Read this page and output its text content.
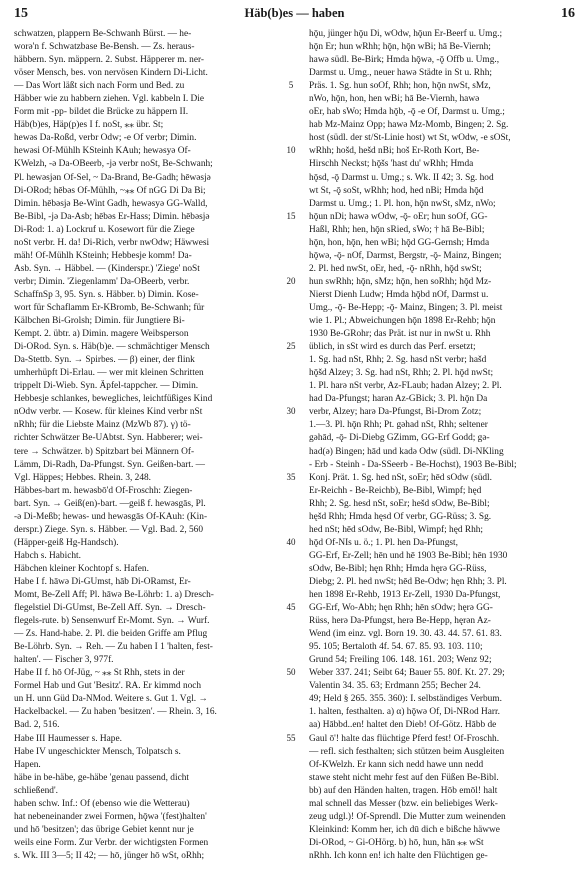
15	Häb(b)es — haben	16
schwatzen, plappern Be-Schwanh Bürst. — he-
worə'n f. Schwatzbase Be-Bensh. — Zs. heraus-
häbbern. Syn. mäppern. 2. Subst. Häpperer m. ner-
vöser Mensch, bes. von nervösen Kindern Di-Licht.
— Das Wort läßt sich nach Form und Bed. zu
Häbber wie zu habbern ziehen. Vgl. kabbeln I. Die
Form mit -pp- bildet die Brücke zu häppern II.
Häb(b)es, Häp(p)es I f. noSt, ⁎⁎ übr. St;
hewəs Da-Roßd, verbr Odw; -e Of verbr; Dimin.
hewəsi Of-Mühlh KSteinh KAuh; hewəsyə Of-
KWelzh, -ə Da-OBeerb, -jə verbr noSt, Be-Schwanh;
Pl. hewəsjən Of-Sel, ~ Da-Brand, Be-Gadh; hēwəsjə
Di-ORod; hēbəs Of-Mühlh, ~⁎⁎ Of nGG Di Da Bi;
Dimin. hēbəsjə Be-Wint Gadh, hewəsyə GG-Walld,
Be-Bibl, -jə Da-Asb; hēbəs Er-Hass; Dimin. hēbəsjə
Di-Rod: 1. a) Lockruf u. Kosewort für die Ziege
noSt verbr. H. da! Di-Rich, verbr nwOdw; Häwwesi
mäh! Of-Mühlh KSteinh; Hebbesje komm! Da-
Asb. Syn. → Häbbel. — (Kinderspr.) 'Ziege' noSt
verbr; Dimin. 'Ziegenlamm' Da-OBeerb, verbr.
SchaffnSp 3, 95. Syn. s. Häbber. b) Dimin. Kose-
wort für Schaflamm Er-KBromb, Be-Schwanh; für
Kälbchen Bi-Grolsh; Dimin. für Jungtiere Bi-
Kempt. 2. übtr. a) Dimin. magere Weibsperson
Di-ORod. Syn. s. Häb(b)e. — schmächtiger Mensch
Da-Stettb. Syn. → Spirbes. — β) einer, der flink
umherhüpft Di-Erlau. — wer mit kleinen Schritten
trippelt Di-Wieb. Syn. Äpfel-tappcher. — Dimin.
Hebbesje schlankes, bewegliches, leichtfüßiges Kind
nOdw verbr. — Kosew. für kleines Kind verbr nSt
nRhh; für die Liebste Mainz (MzWb 87). γ) tö-
richter Schwätzer Be-UAbtst. Syn. Habberer; wei-
tere → Schwätzer. b) Spitzbart bei Männern Of-
Lämm, Di-Radh, Da-Pfungst. Syn. Geißen-bart. —
Vgl. Häppes; Hebbes. Rhein. 3, 248.
Häbbes-bart m. hewəsbō'd Of-Froschh: Ziegen-
bart. Syn. → Geiß(en)-bart. —geiß f. hewəsgās, Pl.
-ə Di-Meßb; hewəs- und hewəsgās Of-KAuh: (Kin-
derspr.) Ziege. Syn. s. Häbber. — Vgl. Bad. 2, 560
(Häpper-geiß Hg-Handsch).
Habch s. Habicht.
Häbchen kleiner Kochtopf s. Hafen.
Habe I f. hāwə Di-GUmst, hāb Di-ORamst, Er-
Momt, Be-Zell Aff; Pl. hāwə Be-Löhrb: 1. a) Dresch-
flegelstiel Di-GUmst, Be-Zell Aff. Syn. → Dresch-
flegels-rute. b) Sensenwurf Er-Momt. Syn. → Wurf.
— Zs. Hand-habe. 2. Pl. die beiden Griffe am Pflug
Be-Löhrb. Syn. → Reh. — Zu haben I 1 'halten, fest-
halten'. — Fischer 3, 977f.
Habe II f. hō Of-Jüg, ~ ⁎⁎ St Rhh, stets in der
Formel Hab und Gut 'Besitz'. RA. Er kimmd noch
un H. unn Güd Da-NMod. Weitere s. Gut 1. Vgl. →
Hackelbackel. — Zu haben 'besitzen'. — Rhein. 3, 16.
Bad. 2, 516.
Habe III Haumesser s. Hape.
Habe IV ungeschickter Mensch, Tolpatsch s.
Hapen.
häbe in be-häbe, ge-häbe 'genau passend, dicht
schließend'.
haben schw. Inf.: Of (ebenso wie die Wetterau)
hat nebeneinander zwei Formen, hǭwə '(fest)halten'
und hō 'besitzen'; das übrige Gebiet kennt nur je
weils eine Form. Zur Verbr. der wichtigsten Formen
s. Wk. III 3—5; II 42; — hō, jünger hō wSt, oRhh;
5
10
15
20
25
30
35
40
45
50
55
hǭu, jünger hǭu Di, wOdw, hǭun Er-Beerf u. Umg.;
hǭn Er; hun wRhh; hǭn, hǭn wBi; hā Be-Viernh;
hawə südl. Be-Birk; Hmda hǭwə, -ǭ Offb u. Umg.,
Darmst u. Umg., neuer hawə Städte in St u. Rhh;
Präs. 1. Sg. hun soOf, Rhh; hon, hǭn nwSt, sMz,
nWo, hǭn, hon, hen wBi; hā Be-Viernh, hawə
oEr, hab sWo; Hmda hǭb, -ǭ -e Of, Darmst u. Umg.;
hab Mz-Mainz Opp; hawə Mz-Momb, Bingen; 2. Sg.
host (südl. der st/St-Linie host) wt St, wOdw, -e sOSt,
wRhh; hošd, hešd nBi; hoš Er-Roth Kort, Be-
Hirschh Neckst; hǭšs 'hast du' wRhh; Hmda
hǭsd, -ǭ Darmst u. Umg.; s. Wk. II 42; 3. Sg. hod
wt St, -ǭ soSt, wRhh; hod, hed nBi; Hmda hǭd
Darmst u. Umg.; 1. Pl. hon, hǭn nwSt, sMz, nWo;
hǭun nDi; hawə wOdw, -ǭ- oEr; hun soOf, GG-
Haßl, Rhh; hen, hǭn sRied, sWo; † hā Be-Bibl;
hǭn, hon, hǭn, hen wBi; hǭd GG-Gernsh; Hmda
hǭwə, -ǭ- nOf, Darmst, Bergstr, -ǭ- Mainz, Bingen;
2. Pl. hed nwSt, oEr, hed, -ǭ- nRhh, hǭd swSt;
hun swRhh; hǭn, sMz; hǭn, hen soRhh; hǭd Mz-
Nierst Dienh Ludw; Hmda hǭbd nOf, Darmst u.
Umg., -ǭ- Be-Hepp; -ǭ- Mainz, Bingen; 3. Pl. meist
wie 1. Pl.; Abweichungen hǭn 1898 Er-Rehb; hǭn
1930 Be-GRohr; das Prät. ist nur in nwSt u. Rhh
üblich, in sSt wird es durch das Perf. ersetzt;
1. Sg. had nSt, Rhh; 2. Sg. hasd nSt verbr; hašd
hǭšd Alzey; 3. Sg. had nSt, Rhh; 2. Pl. hǭd nwSt;
1. Pl. harə nSt verbr, Az-FLaub; hadən Alzey; 2. Pl.
had Da-Pfungst; harən Az-GBick; 3. Pl. hǭn Da
verbr, Alzey; harə Da-Pfungst, Bi-Drom Zotz;
1.—3. Pl. hǭn Rhh; Pt. gəhad nSt, Rhh; seltener
gəhād, -ǭ- Di-Diebg GZimm, GG-Erf Godd; gə-
had(ə) Bingen; hād und kadə Odw (südl. Di-NKling
- Erb - Steinh - Da-SSeerb - Be-Hochst), 1903 Be-Bibl;
Konj. Prät. 1. Sg. hed nSt, soEr; hēd sOdw (südl.
Er-Reichh - Be-Reichb), Be-Bibl, Wimpf; hęd
Rhh; 2. Sg. hesd nSt, soEr; hešd sOdw, Be-Bibl;
hęšd Rhh; Hmda hęsd Of verbr, GG-Rüss; 3. Sg.
hed nSt; hēd sOdw, Be-Bibl, Wimpf; hęd Rhh;
hǭd Of-NIs u. ö.; 1. Pl. hen Da-Pfungst,
GG-Erf, Er-Zell; hēn und hē 1903 Be-Bibl; hēn 1930
sOdw, Be-Bibl; hęn Rhh; Hmda hęrə GG-Rüss,
Diebg; 2. Pl. hed nwSt; hēd Be-Odw; hęn Rhh; 3. Pl.
hen 1898 Er-Rehb, 1913 Er-Zell, 1930 Da-Pfungst,
GG-Erf, Wo-Abh; hęn Rhh; hēn sOdw; hęrə GG-
Rüss, herə Da-Pfungst, herə Be-Hepp, hęrən Az-
Wend (im einz. vgl. Born 19. 30. 43. 44. 57. 61. 83.
95. 105; Bertaloth 4f. 54. 67. 85. 93. 103. 110;
Grund 54; Freiling 106. 148. 161. 203; Wenz 92;
Weber 337. 241; Seibt 64; Bauer 55. 80f. Kt. 27. 29;
Valentin 34. 35. 63; Erdmann 255; Becher 24.
49; Held § 265. 355. 360): I. selbständiges Verbum.
1. halten, festhalten. a) α) hǭwə Of, Di-NRod Harr.
aa) Hābbd..en! haltet den Dieb! Of-Götz. Hābb de
Gaul ō'! halte das flüchtige Pferd fest! Of-Froschh.
— refl. sich festhalten; sich stützen beim Ausgleiten
Of-KWelzh. Er kann sich nedd hawe unn nedd
stawe steht nicht mehr fest auf den Füßen Be-Bibl.
bb) auf den Händen halten, tragen. Hōb emōl! halt
mal schnell das Messer (bzw. ein beliebiges Werk-
zeug udgl.)! Of-Sprendl. Die Mutter zum weinenden
Kleinkind: Komm her, ich dū dich e bißche häwwe
Di-ORod, ~ Gi-OHörg. b) hō, hun, hān ⁎⁎ wSt
nRhh. Ich konn en! ich halte den Flüchtigen ge-
